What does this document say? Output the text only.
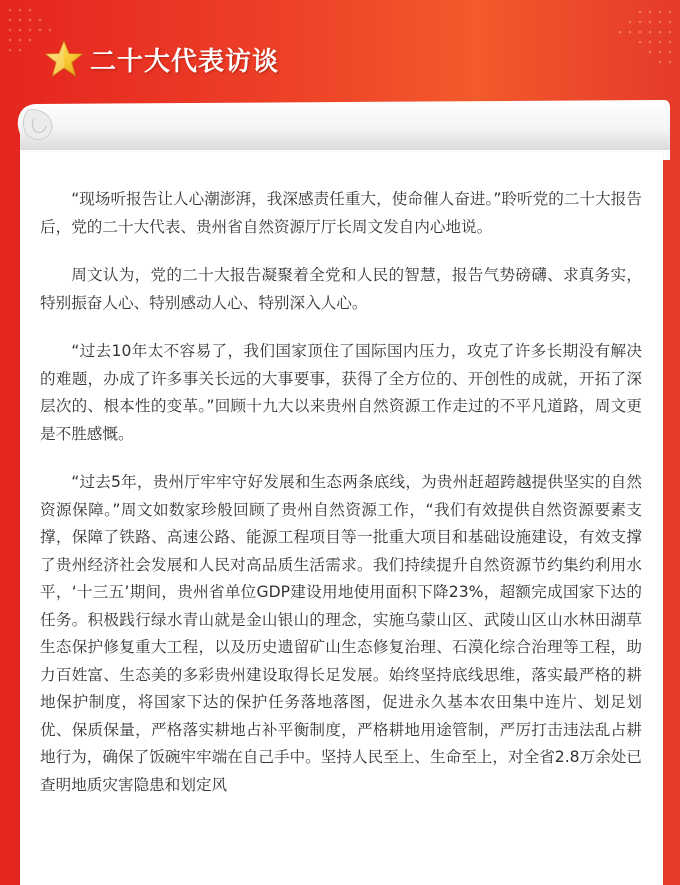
二十大代表访谈

“现场听报告让人心潮澎湃，我深感责任重大，使命催人奋进。”聆听党的二十大报告后，党的二十大代表、贵州省自然资源厅厅长周文发自内心地说。

周文认为，党的二十大报告凝聚着全党和人民的智慧，报告气势磅礴、求真务实，特别振奋人心、特别感动人心、特别深入人心。

“过去10年太不容易了，我们国家顶住了国际国内压力，攻克了许多长期没有解决的难题，办成了许多事关长远的大事要事，获得了全方位的、开创性的成就，开拓了深层次的、根本性的变革。”回顾十九大以来贵州自然资源工作走过的不平凡道路，周文更是不胜感慨。

“过去5年，贵州厅牢牢守好发展和生态两条底线，为贵州赶超跨越提供坚实的自然资源保障。”周文如数家珍般回顾了贵州自然资源工作，“我们有效提供自然资源要素支撑，保障了铁路、高速公路、能源工程项目等一批重大项目和基础设施建设，有效支撑了贵州经济社会发展和人民对高品质生活需求。我们持续提升自然资源节约集约利用水平，‘十三五’期间，贵州省单位GDP建设用地使用面积下降23%，超额完成国家下达的任务。积极践行绿水青山就是金山银山的理念，实施乌蒙山区、武陵山区山水林田湖草生态保护修复重大工程，以及历史遗留矿山生态修复治理、石漠化综合治理等工程，助力百姓富、生态美的多彩贵州建设取得长足发展。始终坚持底线思维，落实最严格的耕地保护制度，将国家下达的保护任务落地落图，促进永久基本农田集中连片、划足划优、保质保量，严格落实耕地占补平衡制度，严格耕地用途管制，严厉打击违法乱占耕地行为，确保了饭碗牢牢端在自己手中。坚持人民至上、生命至上，对全省2.8万余处已查明地质灾害隐患和划定风
